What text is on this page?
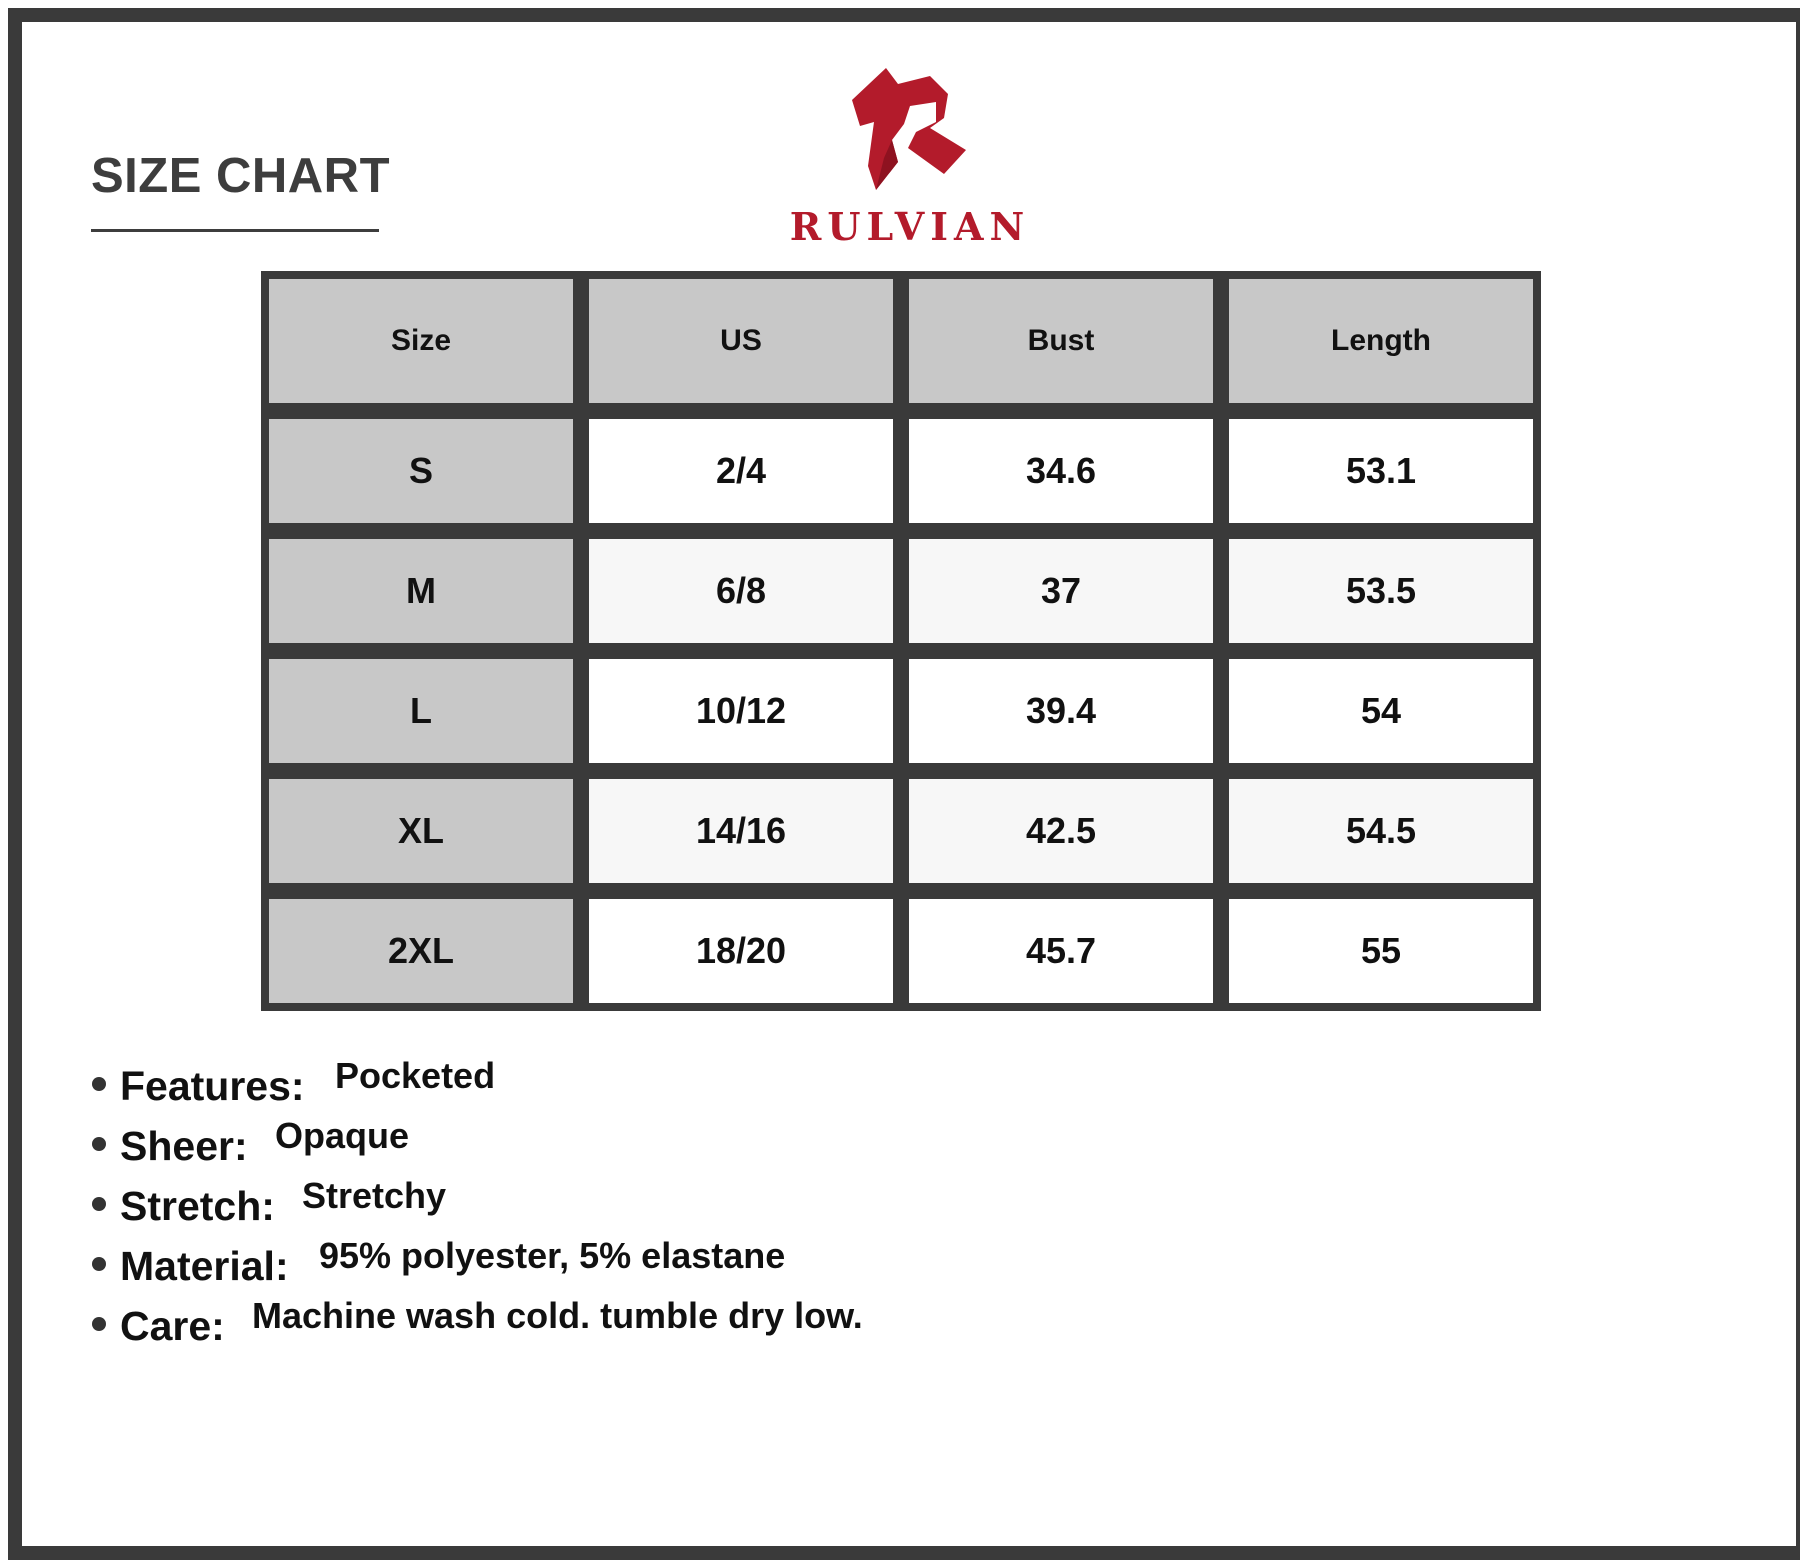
SIZE CHART
RULVIAN
Size	US	Bust	Length
S	2/4	34.6	53.1
M	6/8	37	53.5
L	10/12	39.4	54
XL	14/16	42.5	54.5
2XL	18/20	45.7	55
Features: Pocketed
Sheer: Opaque
Stretch: Stretchy
Material: 95% polyester, 5% elastane
Care: Machine wash cold. tumble dry low.
